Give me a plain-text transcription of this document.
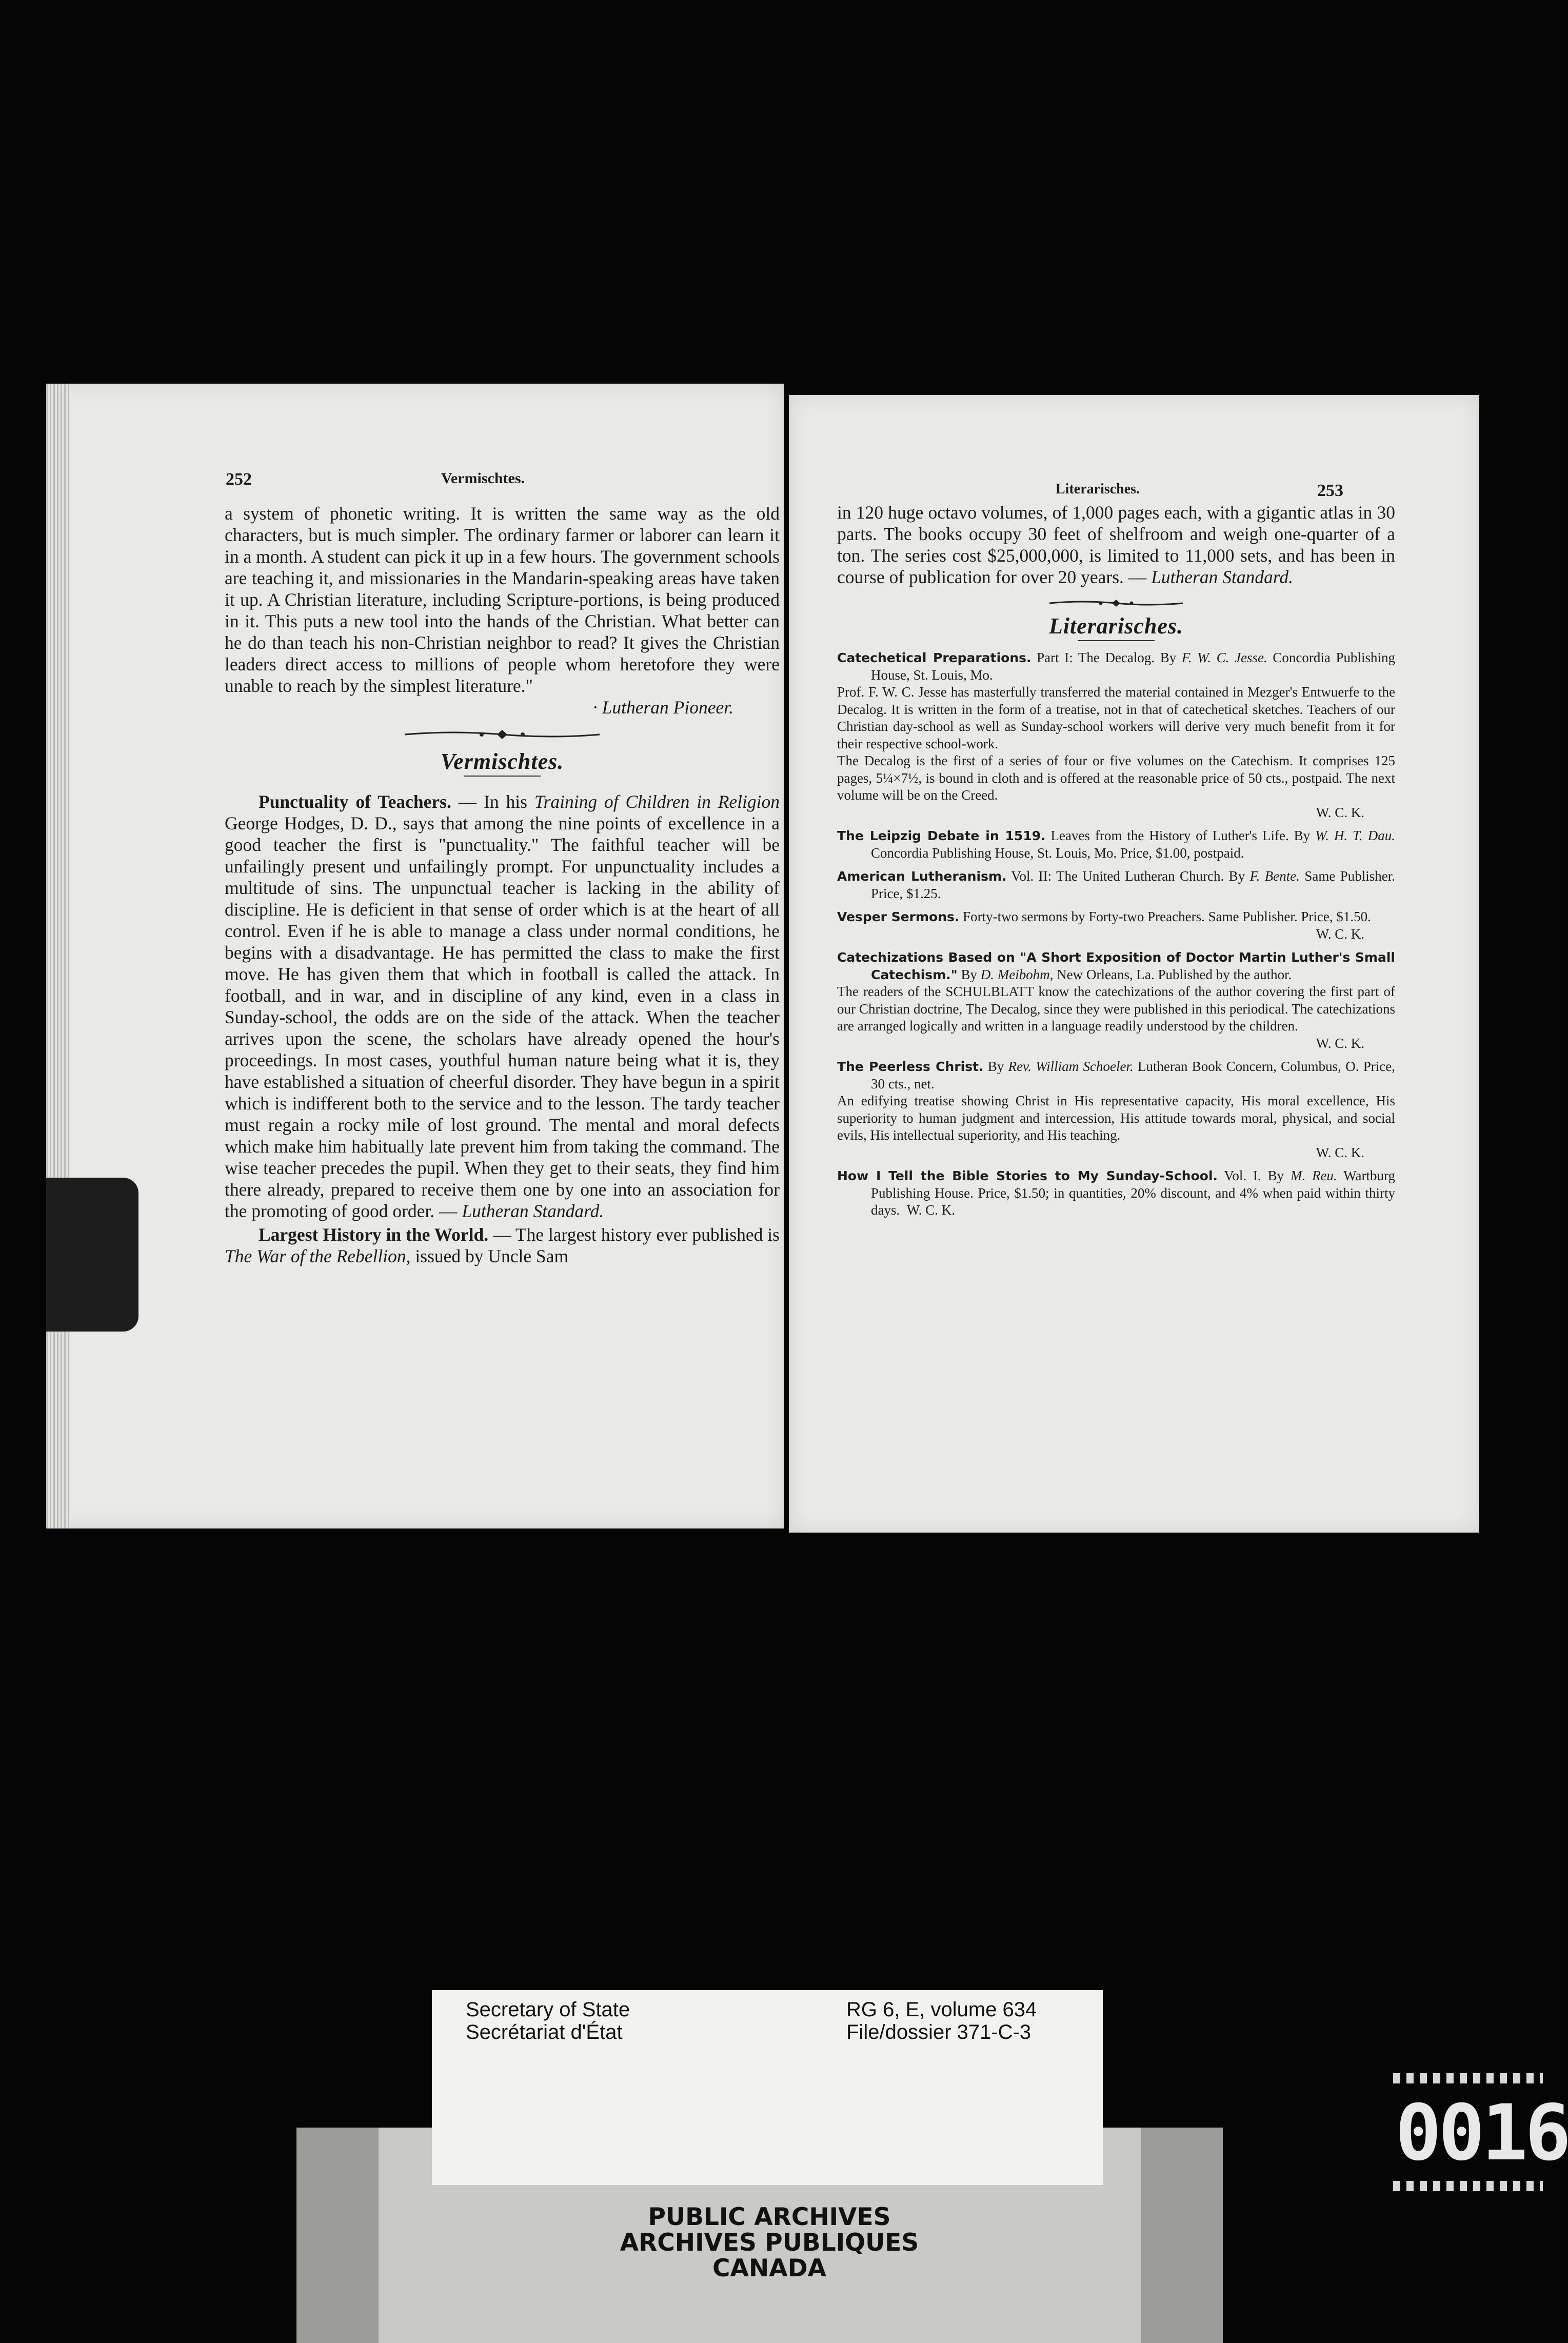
252	Vermischtes.

a system of phonetic writing. It is written the same way as the old characters, but is much simpler. The ordinary farmer or laborer can learn it in a month. A student can pick it up in a few hours. The government schools are teaching it, and missionaries in the Mandarin-speaking areas have taken it up. A Christian literature, including Scripture-portions, is being produced in it. This puts a new tool into the hands of the Christian. What better can he do than teach his non-Christian neighbor to read? It gives the Christian leaders direct access to millions of people whom heretofore they were unable to reach by the simplest literature."

· Lutheran Pioneer.

Vermischtes.

Punctuality of Teachers. — In his Training of Children in Religion George Hodges, D. D., says that among the nine points of excellence in a good teacher the first is "punctuality." The faithful teacher will be unfailingly present und unfailingly prompt. For unpunctuality includes a multitude of sins. The unpunctual teacher is lacking in the ability of discipline. He is deficient in that sense of order which is at the heart of all control. Even if he is able to manage a class under normal conditions, he begins with a disadvantage. He has permitted the class to make the first move. He has given them that which in football is called the attack. In football, and in war, and in discipline of any kind, even in a class in Sunday-school, the odds are on the side of the attack. When the teacher arrives upon the scene, the scholars have already opened the hour's proceedings. In most cases, youthful human nature being what it is, they have established a situation of cheerful disorder. They have begun in a spirit which is indifferent both to the service and to the lesson. The tardy teacher must regain a rocky mile of lost ground. The mental and moral defects which make him habitually late prevent him from taking the command. The wise teacher precedes the pupil. When they get to their seats, they find him there already, prepared to receive them one by one into an association for the promoting of good order. — Lutheran Standard.

Largest History in the World. — The largest history ever published is The War of the Rebellion, issued by Uncle Sam

Literarisches.	253

in 120 huge octavo volumes, of 1,000 pages each, with a gigantic atlas in 30 parts. The books occupy 30 feet of shelfroom and weigh one-quarter of a ton. The series cost $25,000,000, is limited to 11,000 sets, and has been in course of publication for over 20 years. — Lutheran Standard.

Literarisches.

Catechetical Preparations. Part I: The Decalog. By F. W. C. Jesse. Concordia Publishing House, St. Louis, Mo.

Prof. F. W. C. Jesse has masterfully transferred the material contained in Mezger's Entwuerfe to the Decalog. It is written in the form of a treatise, not in that of catechetical sketches. Teachers of our Christian day-school as well as Sunday-school workers will derive very much benefit from it for their respective school-work.

The Decalog is the first of a series of four or five volumes on the Catechism. It comprises 125 pages, 5¼×7½, is bound in cloth and is offered at the reasonable price of 50 cts., postpaid. The next volume will be on the Creed.

W. C. K.

The Leipzig Debate in 1519. Leaves from the History of Luther's Life. By W. H. T. Dau. Concordia Publishing House, St. Louis, Mo. Price, $1.00, postpaid.

American Lutheranism. Vol. II: The United Lutheran Church. By F. Bente. Same Publisher. Price, $1.25.

Vesper Sermons. Forty-two sermons by Forty-two Preachers. Same Publisher. Price, $1.50.

W. C. K.

Catechizations Based on "A Short Exposition of Doctor Martin Luther's Small Catechism." By D. Meibohm, New Orleans, La. Published by the author.

The readers of the SCHULBLATT know the catechizations of the author covering the first part of our Christian doctrine, The Decalog, since they were published in this periodical. The catechizations are arranged logically and written in a language readily understood by the children.

W. C. K.

The Peerless Christ. By Rev. William Schoeler. Lutheran Book Concern, Columbus, O. Price, 30 cts., net.

An edifying treatise showing Christ in His representative capacity, His moral excellence, His superiority to human judgment and intercession, His attitude towards moral, physical, and social evils, His intellectual superiority, and His teaching.

W. C. K.

How I Tell the Bible Stories to My Sunday-School. Vol. I. By M. Reu. Wartburg Publishing House. Price, $1.50; in quantities, 20% discount, and 4% when paid within thirty days. W. C. K.

Secretary of State
Secrétariat d'État
RG 6, E, volume 634
File/dossier 371-C-3
PUBLIC ARCHIVES
ARCHIVES PUBLIQUES
CANADA
0016
